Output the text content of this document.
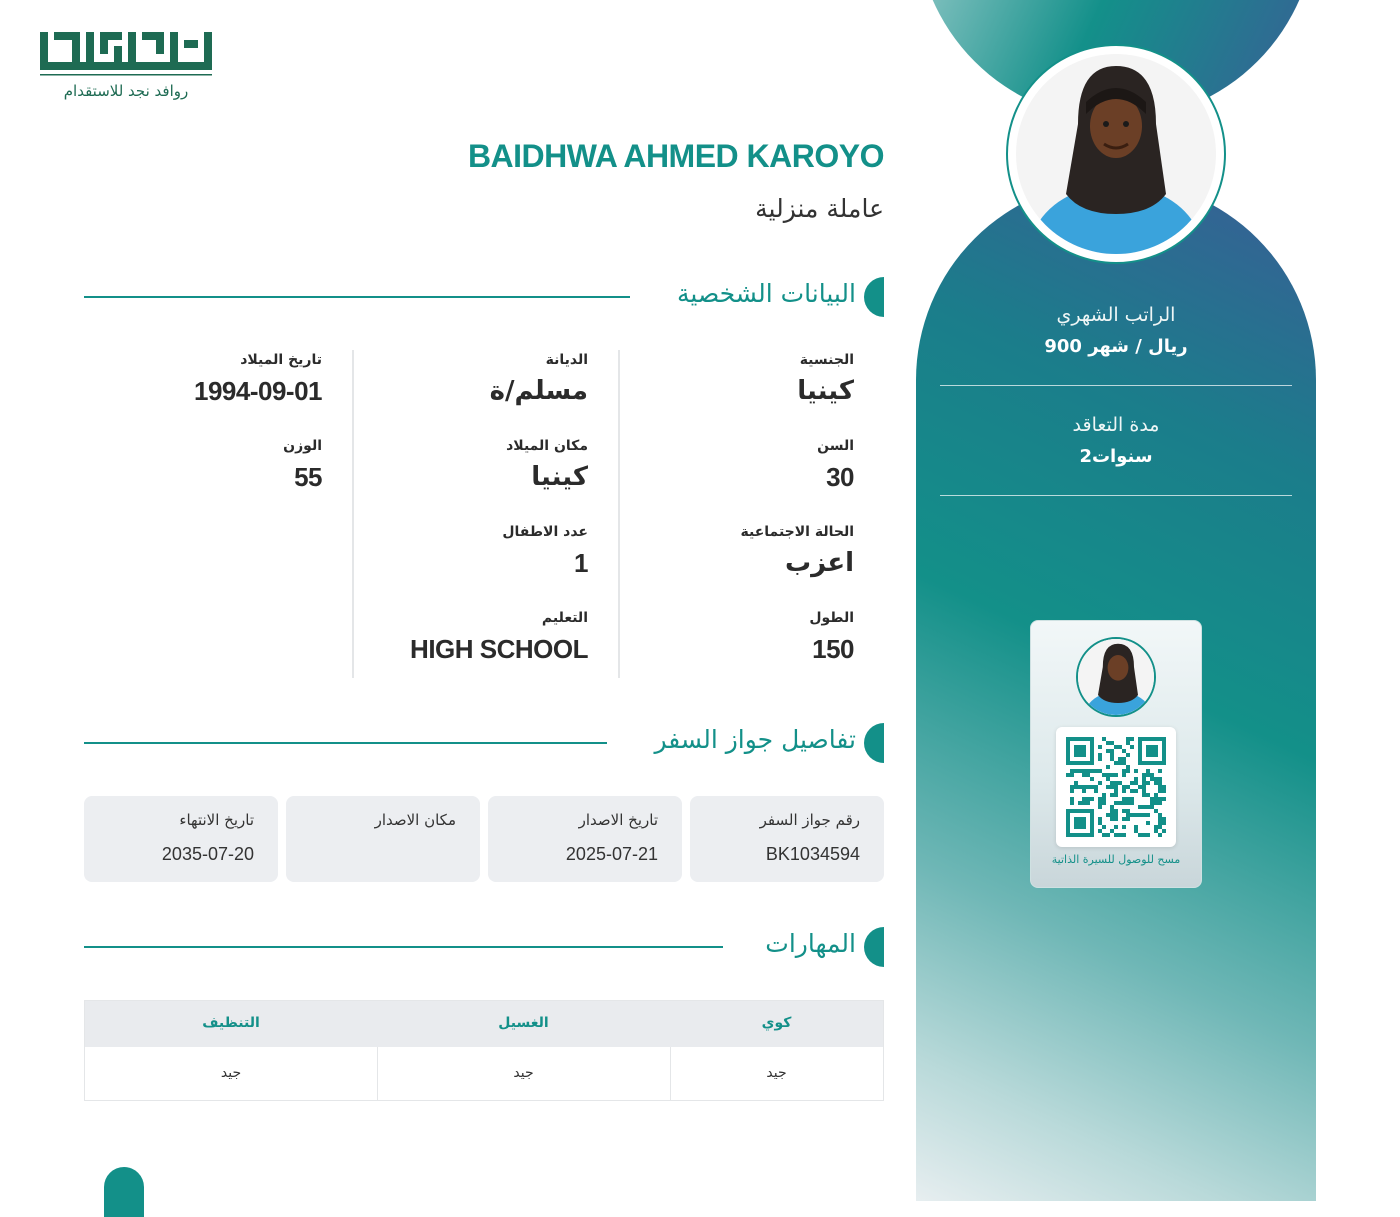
الراتب الشهري
900 ريال / شهر
مدة التعاقد
2سنوات
مسح للوصول للسيرة الذاتية
روافد نجد للاستقدام
BAIDHWA AHMED KAROYO
عاملة منزلية
البيانات الشخصية
الجنسية
كينيا
السن
30
الحالة الاجتماعية
اعزب
الطول
150
الديانة
مسلم/ة
مكان الميلاد
كينيا
عدد الاطفال
1
التعليم
HIGH SCHOOL
تاريخ الميلاد
1994-09-01
الوزن
55
تفاصيل جواز السفر
رقم جواز السفر
BK1034594
تاريخ الاصدار
2025-07-21
مكان الاصدار
تاريخ الانتهاء
2035-07-20
المهارات
كوي
الغسيل
التنظيف
جيد
جيد
جيد
